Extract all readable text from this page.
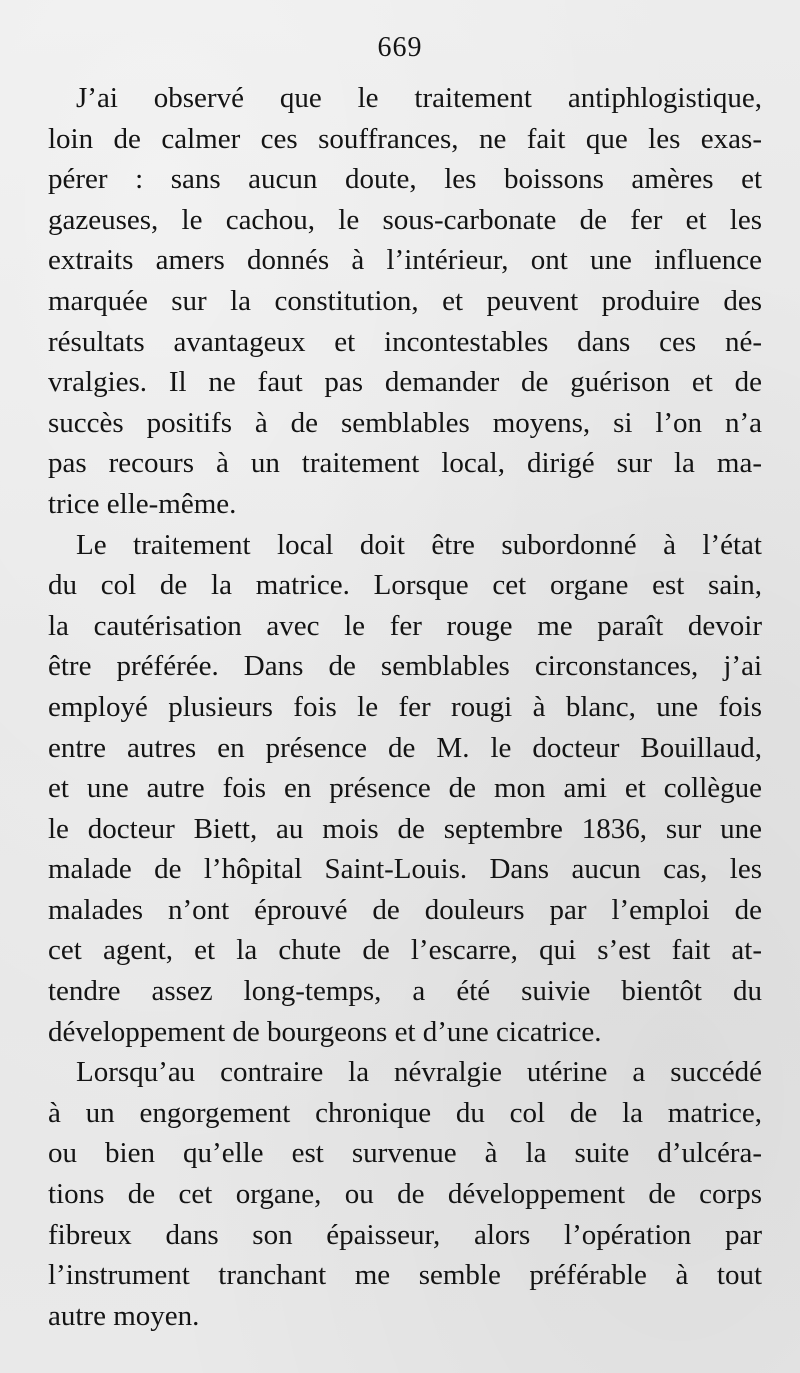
669
J’ai observé que le traitement antiphlogistique,
loin de calmer ces souffrances, ne fait que les exas-
pérer : sans aucun doute, les boissons amères et
gazeuses, le cachou, le sous-carbonate de fer et les
extraits amers donnés à l’intérieur, ont une influence
marquée sur la constitution, et peuvent produire des
résultats avantageux et incontestables dans ces né-
vralgies. Il ne faut pas demander de guérison et de
succès positifs à de semblables moyens, si l’on n’a
pas recours à un traitement local, dirigé sur la ma-
trice elle-même.
Le traitement local doit être subordonné à l’état
du col de la matrice. Lorsque cet organe est sain,
la cautérisation avec le fer rouge me paraît devoir
être préférée. Dans de semblables circonstances, j’ai
employé plusieurs fois le fer rougi à blanc, une fois
entre autres en présence de M. le docteur Bouillaud,
et une autre fois en présence de mon ami et collègue
le docteur Biett, au mois de septembre 1836, sur une
malade de l’hôpital Saint-Louis. Dans aucun cas, les
malades n’ont éprouvé de douleurs par l’emploi de
cet agent, et la chute de l’escarre, qui s’est fait at-
tendre assez long-temps, a été suivie bientôt du
développement de bourgeons et d’une cicatrice.
Lorsqu’au contraire la névralgie utérine a succédé
à un engorgement chronique du col de la matrice,
ou bien qu’elle est survenue à la suite d’ulcéra-
tions de cet organe, ou de développement de corps
fibreux dans son épaisseur, alors l’opération par
l’instrument tranchant me semble préférable à tout
autre moyen.
